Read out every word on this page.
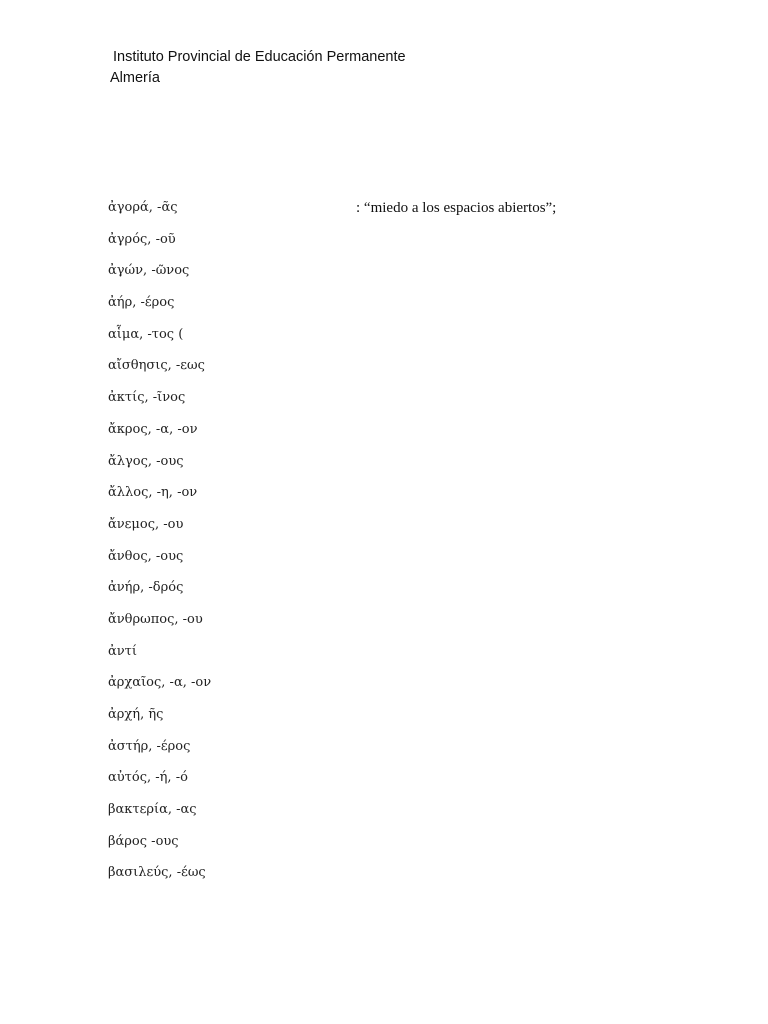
Instituto Provincial de Educación Permanente
Almería
: “miedo a los espacios abiertos”;
ἀγορά, -ᾶς
ἀγρός, -οῦ
ἀγών, -ῶνος
ἀήρ, -έρος
αἷμα, -τος (
αἴσθησις, -εως
ἀκτίς, -ῖνος
ἄκρος, -α, -ον
ἄλγος, -ους
ἄλλος, -η, -ον
ἄνεμος, -ου
ἄνθος, -ους
ἀνήρ, -δρός
ἄνθρωπος, -ου
ἀντί
ἀρχαῖος, -α, -ον
ἀρχή, ῆς
ἀστήρ, -έρος
αὐτός, -ή, -ό
βακτερία, -ας
βάρος -ους
βασιλεύς, -έως
